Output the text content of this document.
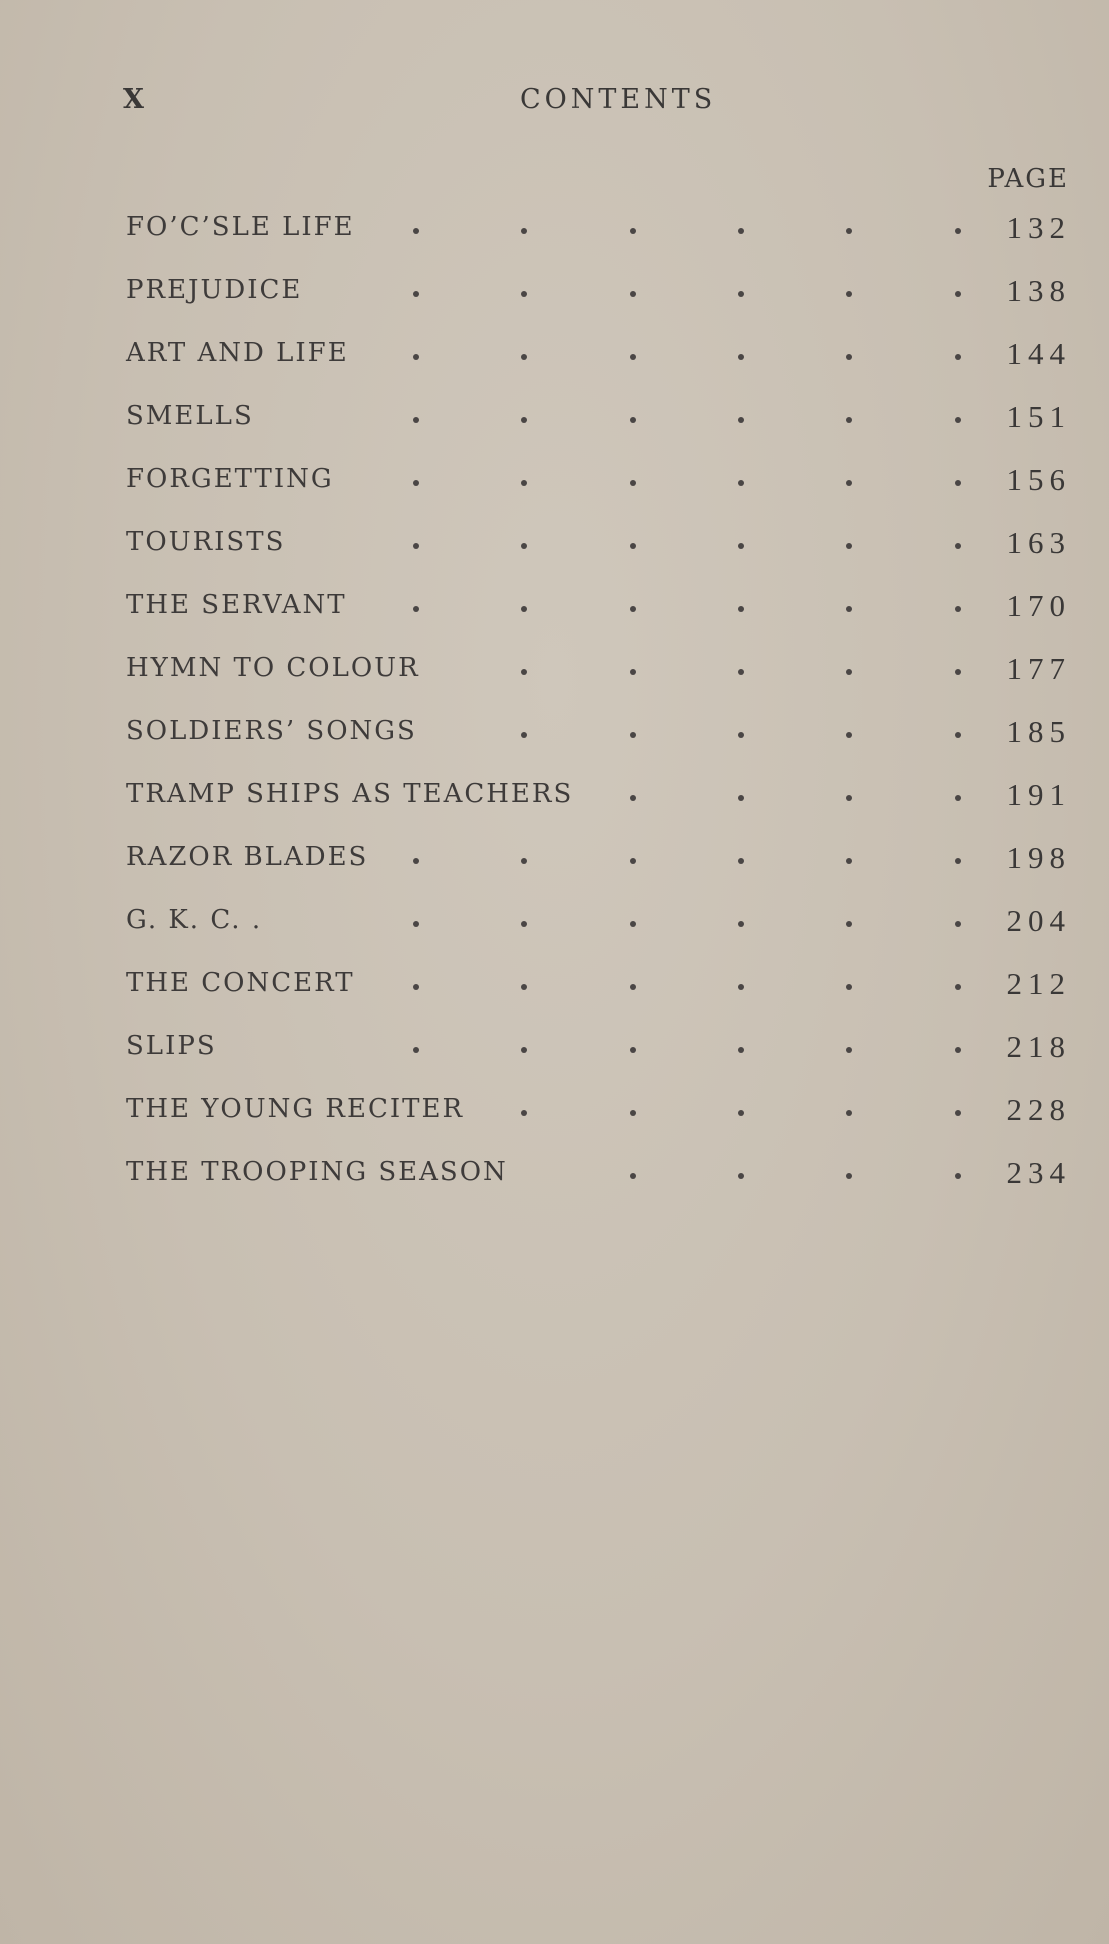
X	CONTENTS
PAGE
FO’C’SLE LIFE	132
PREJUDICE	138
ART AND LIFE	144
SMELLS	151
FORGETTING	156
TOURISTS	163
THE SERVANT	170
HYMN TO COLOUR	177
SOLDIERS’ SONGS	185
TRAMP SHIPS AS TEACHERS	191
RAZOR BLADES	198
G. K. C. .	204
THE CONCERT	212
SLIPS	218
THE YOUNG RECITER	228
THE TROOPING SEASON	234
